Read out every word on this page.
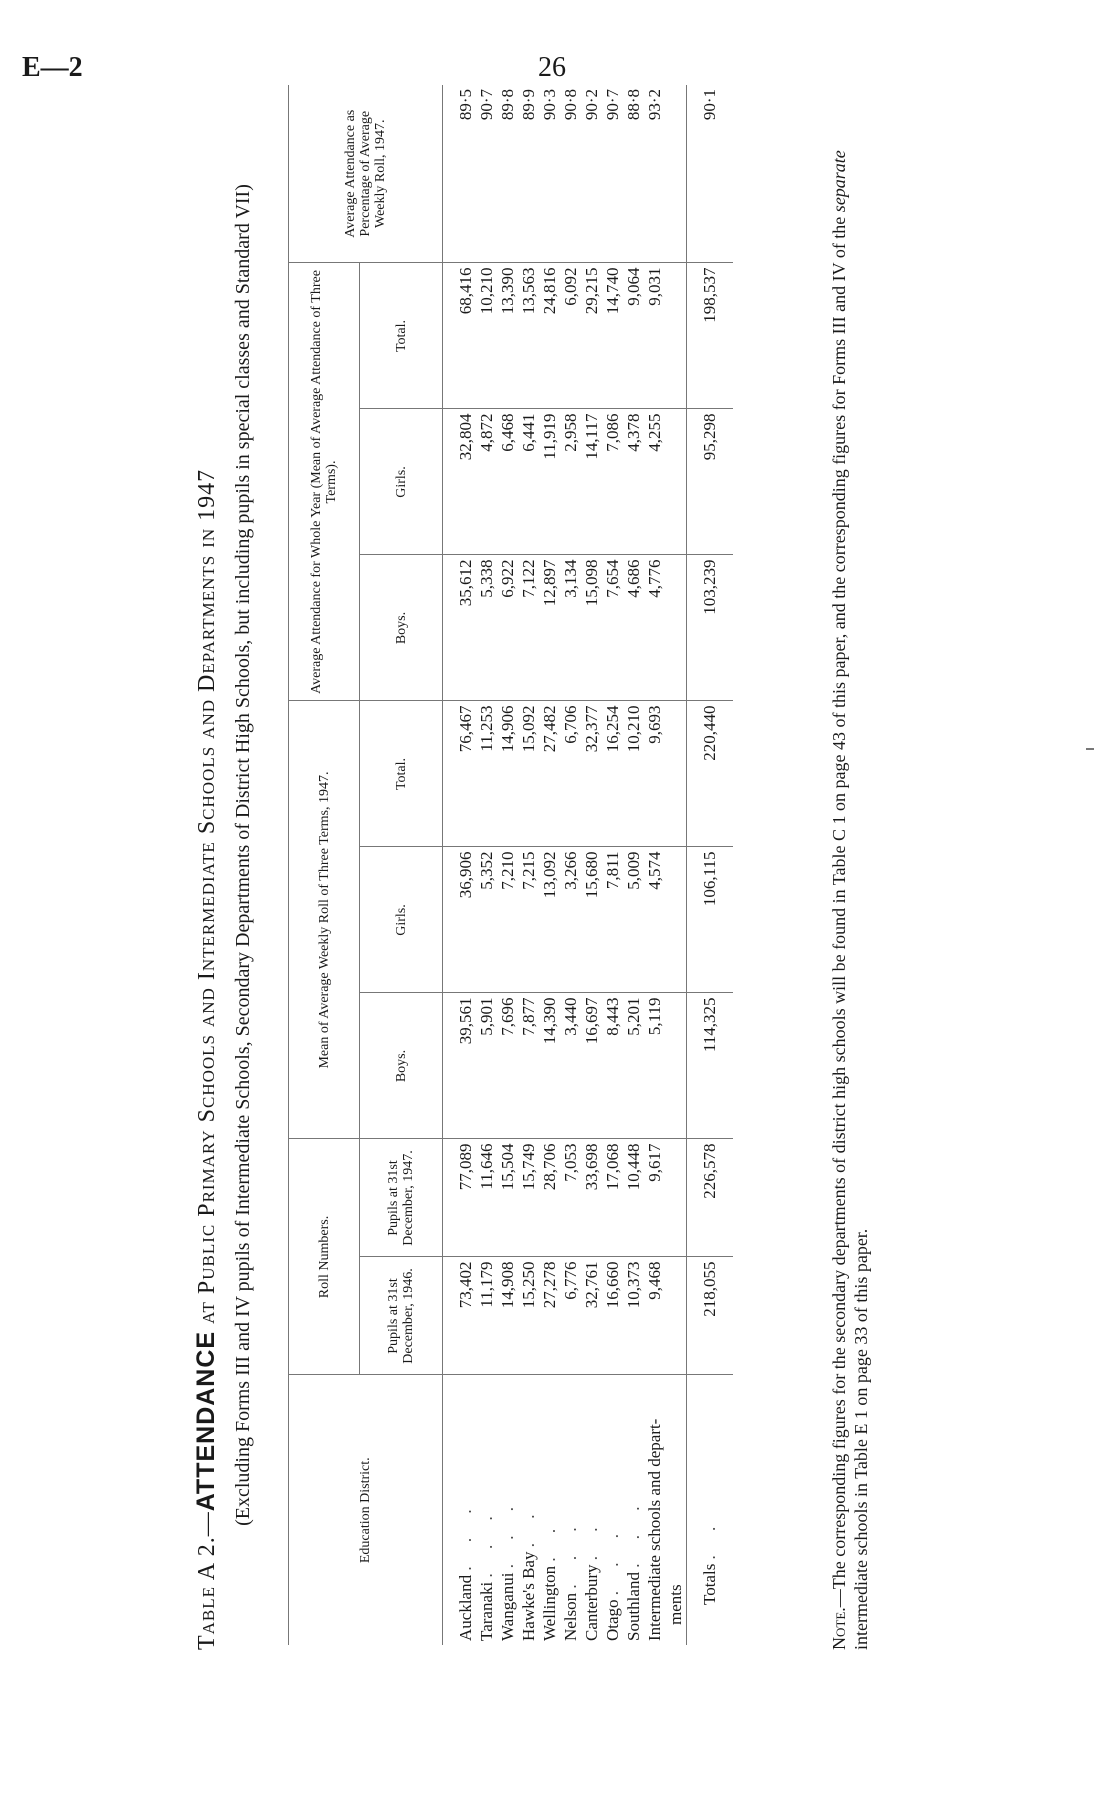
E—2	26
Table A 2.—ATTENDANCE at Public Primary Schools and Intermediate Schools and Departments in 1947 (Excluding Forms III and IV pupils of Intermediate Schools, Secondary Departments of District High Schools, but including pupils in special classes and Standard VII)	Education District.	Roll Numbers.		Mean of Average Weekly Roll of Three Terms, 1947.			Average Attendance for Whole Year (Mean of Average Attendance of Three Terms).			Average Attendance as Percentage of Average Weekly Roll, 1947.
	Pupils at 31st December, 1946.	Pupils at 31st December, 1947.	Boys.	Girls.	Total.	Boys.	Girls.	Total.	

Auckland . . .	73,402	77,089	39,561	36,906	76,467	35,612	32,804	68,416	89·5
Taranaki . . .	11,179	11,646	5,901	5,352	11,253	5,338	4,872	10,210	90·7
Wanganui . . .	14,908	15,504	7,696	7,210	14,906	6,922	6,468	13,390	89·8
Hawke's Bay . .	15,250	15,749	7,877	7,215	15,092	7,122	6,441	13,563	89·9
Wellington . .	27,278	28,706	14,390	13,092	27,482	12,897	11,919	24,816	90·3
Nelson . . .	6,776	7,053	3,440	3,266	6,706	3,134	2,958	6,092	90·8
Canterbury . .	32,761	33,698	16,697	15,680	32,377	15,098	14,117	29,215	90·2
Otago . . .	16,660	17,068	8,443	7,811	16,254	7,654	7,086	14,740	90·7
Southland . . .	10,373	10,448	5,201	5,009	10,210	4,686	4,378	9,064	88·8
Intermediate schools and depart-	9,468	9,617	5,119	4,574	9,693	4,776	4,255	9,031	93·2
ments									
Totals . .	218,055	226,578	114,325	106,115	220,440	103,239	95,298	198,537	90·1
Note.—The corresponding figures for the secondary departments of district high schools will be found in Table C 1 on page 43 of this paper, and the corresponding figures for Forms III and IV of the separate intermediate schools in Table E 1 on page 33 of this paper.
